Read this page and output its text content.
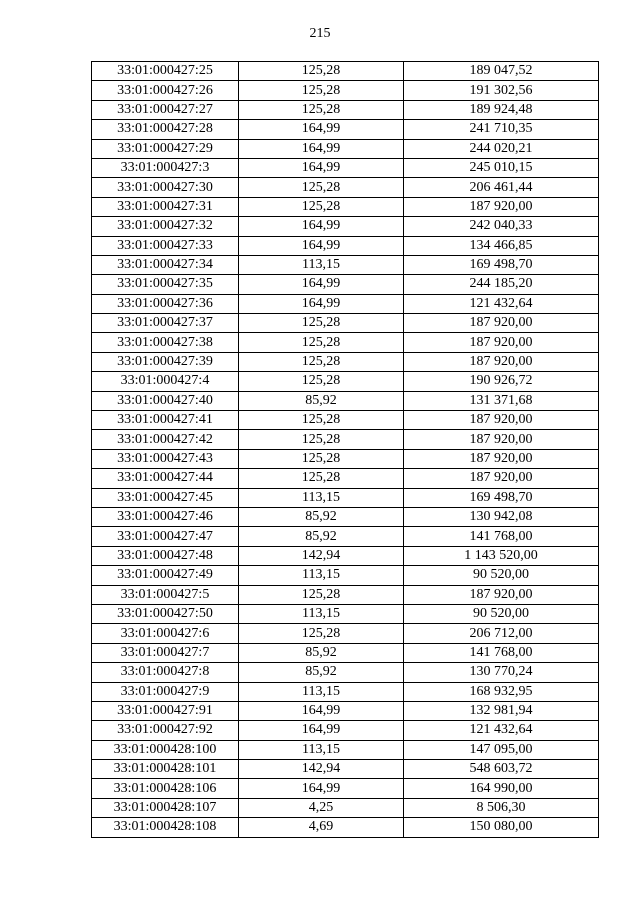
215
33:01:000427:25	125,28	189 047,52
33:01:000427:26	125,28	191 302,56
33:01:000427:27	125,28	189 924,48
33:01:000427:28	164,99	241 710,35
33:01:000427:29	164,99	244 020,21
33:01:000427:3	164,99	245 010,15
33:01:000427:30	125,28	206 461,44
33:01:000427:31	125,28	187 920,00
33:01:000427:32	164,99	242 040,33
33:01:000427:33	164,99	134 466,85
33:01:000427:34	113,15	169 498,70
33:01:000427:35	164,99	244 185,20
33:01:000427:36	164,99	121 432,64
33:01:000427:37	125,28	187 920,00
33:01:000427:38	125,28	187 920,00
33:01:000427:39	125,28	187 920,00
33:01:000427:4	125,28	190 926,72
33:01:000427:40	85,92	131 371,68
33:01:000427:41	125,28	187 920,00
33:01:000427:42	125,28	187 920,00
33:01:000427:43	125,28	187 920,00
33:01:000427:44	125,28	187 920,00
33:01:000427:45	113,15	169 498,70
33:01:000427:46	85,92	130 942,08
33:01:000427:47	85,92	141 768,00
33:01:000427:48	142,94	1 143 520,00
33:01:000427:49	113,15	90 520,00
33:01:000427:5	125,28	187 920,00
33:01:000427:50	113,15	90 520,00
33:01:000427:6	125,28	206 712,00
33:01:000427:7	85,92	141 768,00
33:01:000427:8	85,92	130 770,24
33:01:000427:9	113,15	168 932,95
33:01:000427:91	164,99	132 981,94
33:01:000427:92	164,99	121 432,64
33:01:000428:100	113,15	147 095,00
33:01:000428:101	142,94	548 603,72
33:01:000428:106	164,99	164 990,00
33:01:000428:107	4,25	8 506,30
33:01:000428:108	4,69	150 080,00
